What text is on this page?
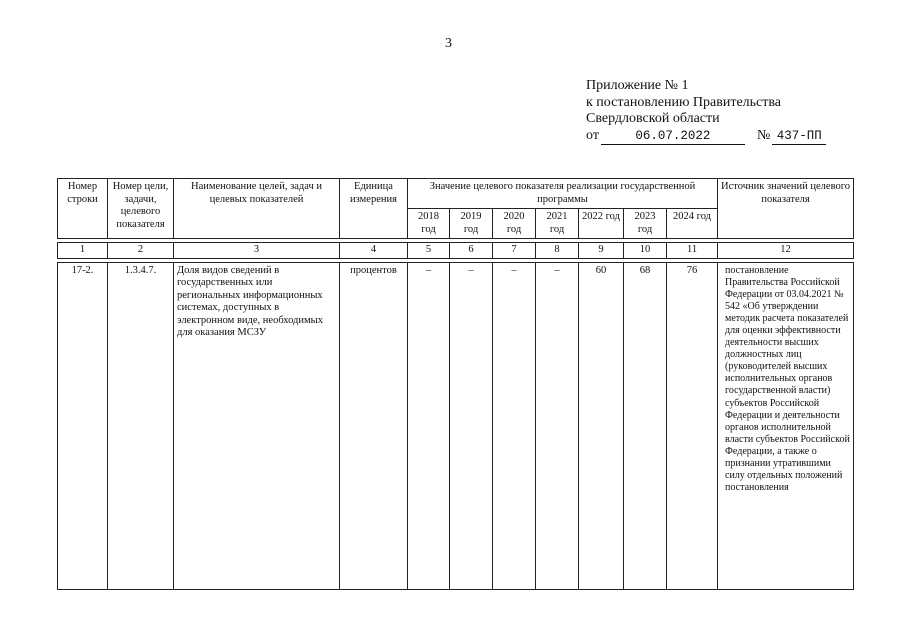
3
Приложение № 1
к постановлению Правительства
Свердловской области
от	06.07.2022	№ 437-ПП
Номер строки	Номер цели, задачи, целевого показателя	Наименование целей, задач и целевых показателей	Единица измерения	Значение целевого показателя реализации государственной программы							Источник значений целевого показателя
				2018 год	2019 год	2020 год	2021 год	2022 год	2023 год	2024 год	

1	2	3	4	5	6	7	8	9	10	11	12

17-2.	1.3.4.7.	Доля видов сведений в государственных или региональных информационных системах, доступных в электронном виде, необходимых для оказания МСЗУ	процентов	–	–	–	–	60	68	76	постановление Правительства Российской Федерации от 03.04.2021 № 542 «Об утверждении методик расчета показателей для оценки эффективности деятельности высших должностных лиц (руководителей высших исполнительных органов государственной власти) субъектов Российской Федерации и деятельности органов исполнительной власти субъектов Российской Федерации, а также о признании утратившими силу отдельных положений постановления
